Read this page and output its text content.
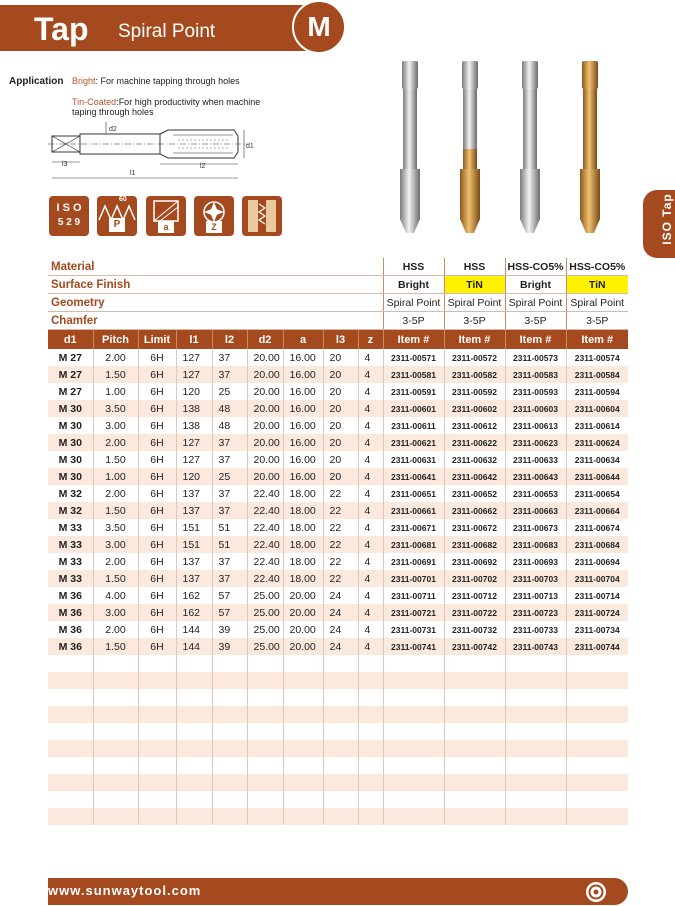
Tap Spiral Point	M
ISO Tap
Application Bright: For machine tapping through holes
Tin-Coated:For high productivity when machine
taping through holes
d2
d1
l3	l2
l1
I S O
5 2 9
60
P	a	Z
Material									HSS	HSS	HSS-CO5%	HSS-CO5%
Surface Finish									Bright	TiN	Bright	TiN
Geometry									Spiral Point	Spiral Point	Spiral Point	Spiral Point
Chamfer									3-5P	3-5P	3-5P	3-5P
d1	Pitch	Limit	l1	l2	d2	a	l3	z	Item #	Item #	Item #	Item #
M 27	2.00	6H	127	37	20.00	16.00	20	4	2311-00571	2311-00572	2311-00573	2311-00574
M 27	1.50	6H	127	37	20.00	16.00	20	4	2311-00581	2311-00582	2311-00583	2311-00584
M 27	1.00	6H	120	25	20.00	16.00	20	4	2311-00591	2311-00592	2311-00593	2311-00594
M 30	3.50	6H	138	48	20.00	16.00	20	4	2311-00601	2311-00602	2311-00603	2311-00604
M 30	3.00	6H	138	48	20.00	16.00	20	4	2311-00611	2311-00612	2311-00613	2311-00614
M 30	2.00	6H	127	37	20.00	16.00	20	4	2311-00621	2311-00622	2311-00623	2311-00624
M 30	1.50	6H	127	37	20.00	16.00	20	4	2311-00631	2311-00632	2311-00633	2311-00634
M 30	1.00	6H	120	25	20.00	16.00	20	4	2311-00641	2311-00642	2311-00643	2311-00644
M 32	2.00	6H	137	37	22.40	18.00	22	4	2311-00651	2311-00652	2311-00653	2311-00654
M 32	1.50	6H	137	37	22.40	18.00	22	4	2311-00661	2311-00662	2311-00663	2311-00664
M 33	3.50	6H	151	51	22.40	18.00	22	4	2311-00671	2311-00672	2311-00673	2311-00674
M 33	3.00	6H	151	51	22.40	18.00	22	4	2311-00681	2311-00682	2311-00683	2311-00684
M 33	2.00	6H	137	37	22.40	18.00	22	4	2311-00691	2311-00692	2311-00693	2311-00694
M 33	1.50	6H	137	37	22.40	18.00	22	4	2311-00701	2311-00702	2311-00703	2311-00704
M 36	4.00	6H	162	57	25.00	20.00	24	4	2311-00711	2311-00712	2311-00713	2311-00714
M 36	3.00	6H	162	57	25.00	20.00	24	4	2311-00721	2311-00722	2311-00723	2311-00724
M 36	2.00	6H	144	39	25.00	20.00	24	4	2311-00731	2311-00732	2311-00733	2311-00734
M 36	1.50	6H	144	39	25.00	20.00	24	4	2311-00741	2311-00742	2311-00743	2311-00744

www.sunwaytool.com
